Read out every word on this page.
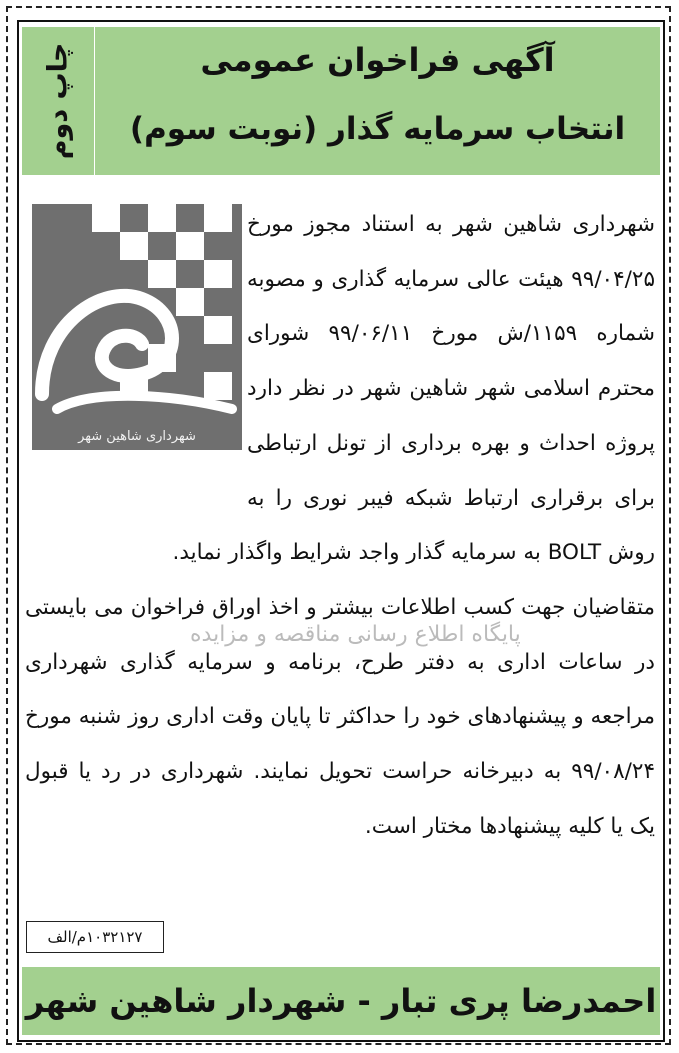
آگهی فراخوان عمومی
انتخاب سرمایه گذار (نوبت سوم)
چاپ دوم
شهرداری شاهین شهر

شهرداری شاهین شهر به استناد مجوز مورخ ۹۹/۰۴/۲۵ هیئت عالی سرمایه گذاری و مصوبه شماره ۱۱۵۹/ش مورخ ۹۹/۰۶/۱۱ شورای محترم اسلامی شهر شاهین شهر در نظر دارد پروژه احداث و بهره برداری از تونل ارتباطی برای برقراری ارتباط شبکه فیبر نوری را به روش BOLT به سرمایه گذار واجد شرایط واگذار نماید.

متقاضیان جهت کسب اطلاعات بیشتر و اخذ اوراق فراخوان می بایستی در ساعات اداری به دفتر طرح، برنامه و سرمایه گذاری شهرداری مراجعه و پیشنهادهای خود را حداکثر تا پایان وقت اداری روز شنبه مورخ ۹۹/۰۸/۲۴ به دبیرخانه حراست تحویل نمایند. شهرداری در رد یا قبول یک یا کلیه پیشنهادها مختار است.

پایگاه اطلاع رسانی مناقصه و مزایده
۱۰۳۲۱۲۷م/الف
احمدرضا پری تبار - شهردار شاهین شهر
